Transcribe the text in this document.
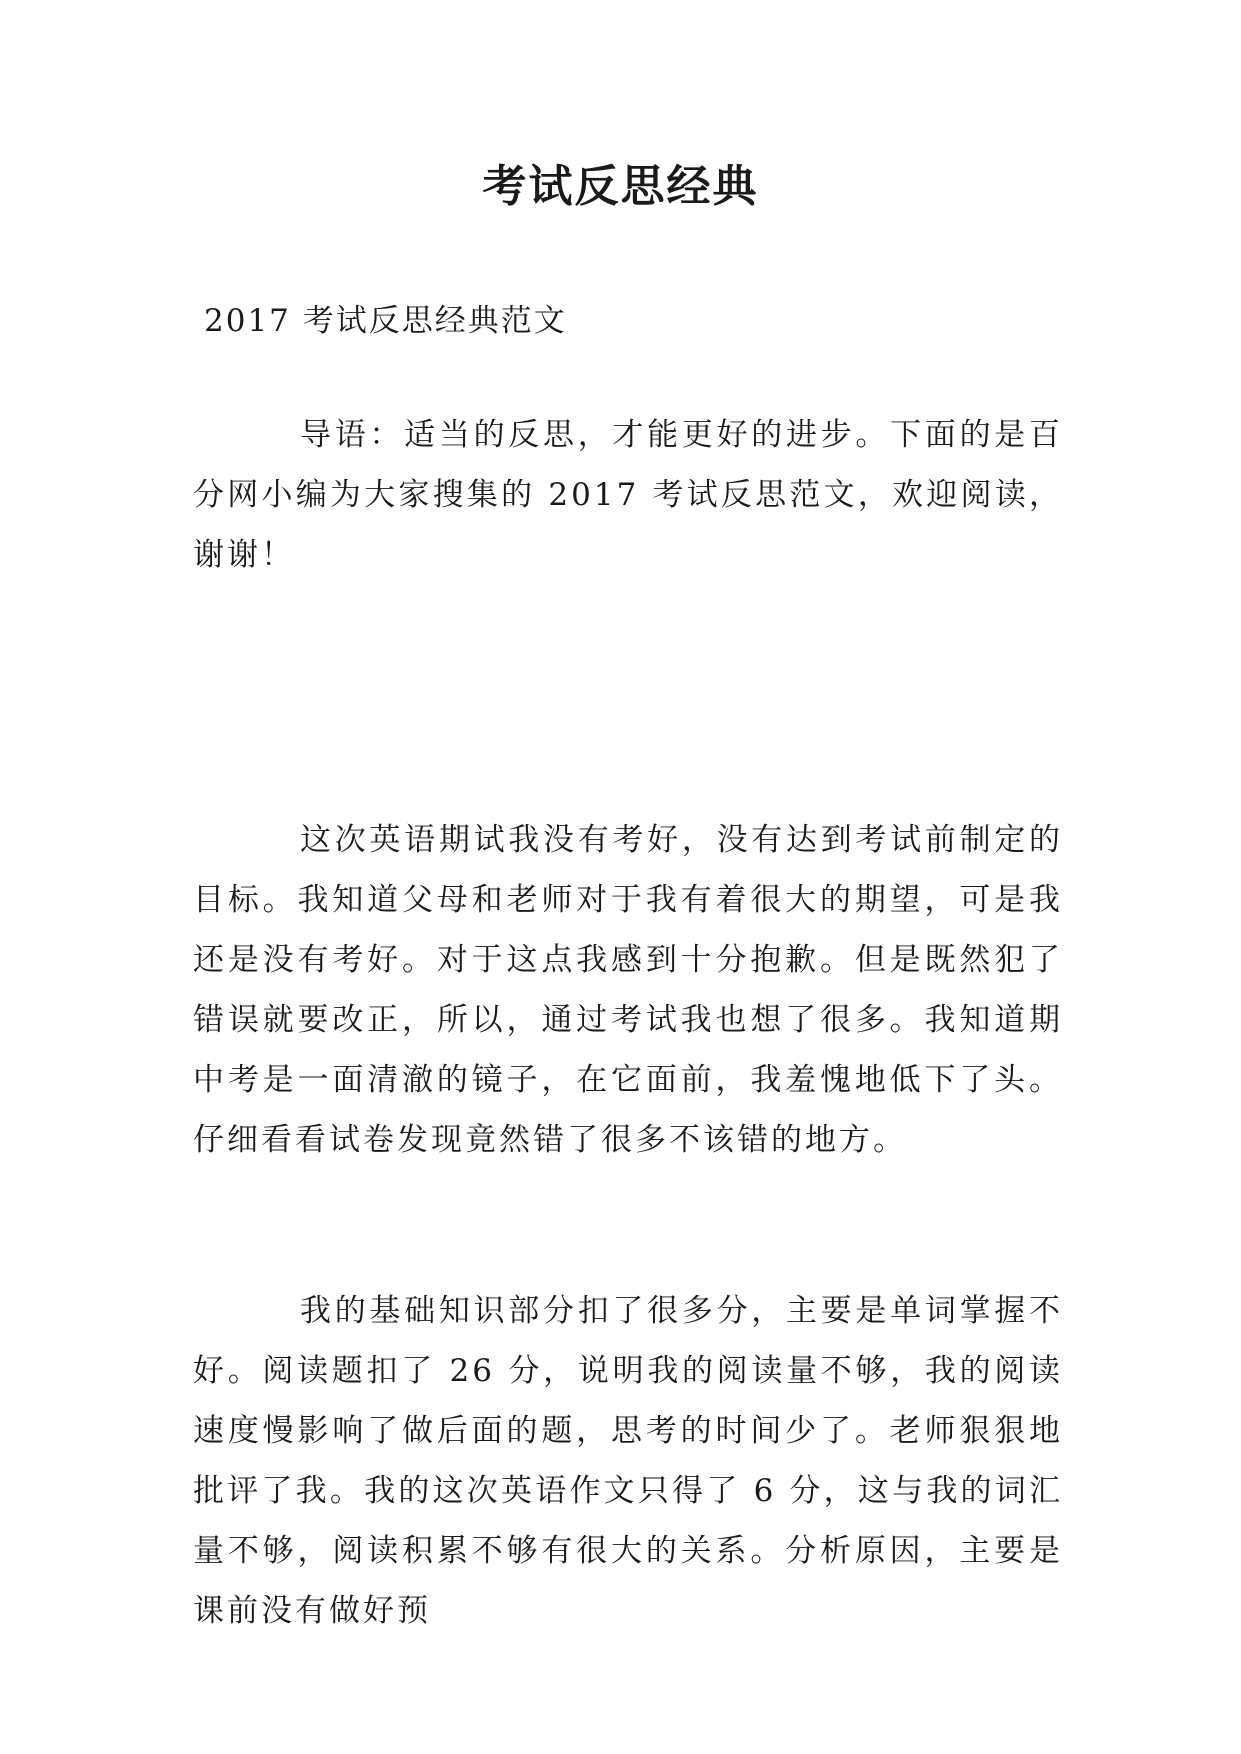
考试反思经典

2017 考试反思经典范文

导语：适当的反思，才能更好的进步。下面的是百分网小编为大家搜集的 2017 考试反思范文，欢迎阅读，谢谢！

这次英语期试我没有考好，没有达到考试前制定的目标。我知道父母和老师对于我有着很大的期望，可是我还是没有考好。对于这点我感到十分抱歉。但是既然犯了错误就要改正，所以，通过考试我也想了很多。我知道期中考是一面清澈的镜子，在它面前，我羞愧地低下了头。仔细看看试卷发现竟然错了很多不该错的地方。

我的基础知识部分扣了很多分，主要是单词掌握不好。阅读题扣了 26 分，说明我的阅读量不够，我的阅读速度慢影响了做后面的题，思考的时间少了。老师狠狠地批评了我。我的这次英语作文只得了 6 分，这与我的词汇量不够，阅读积累不够有很大的关系。分析原因，主要是课前没有做好预
